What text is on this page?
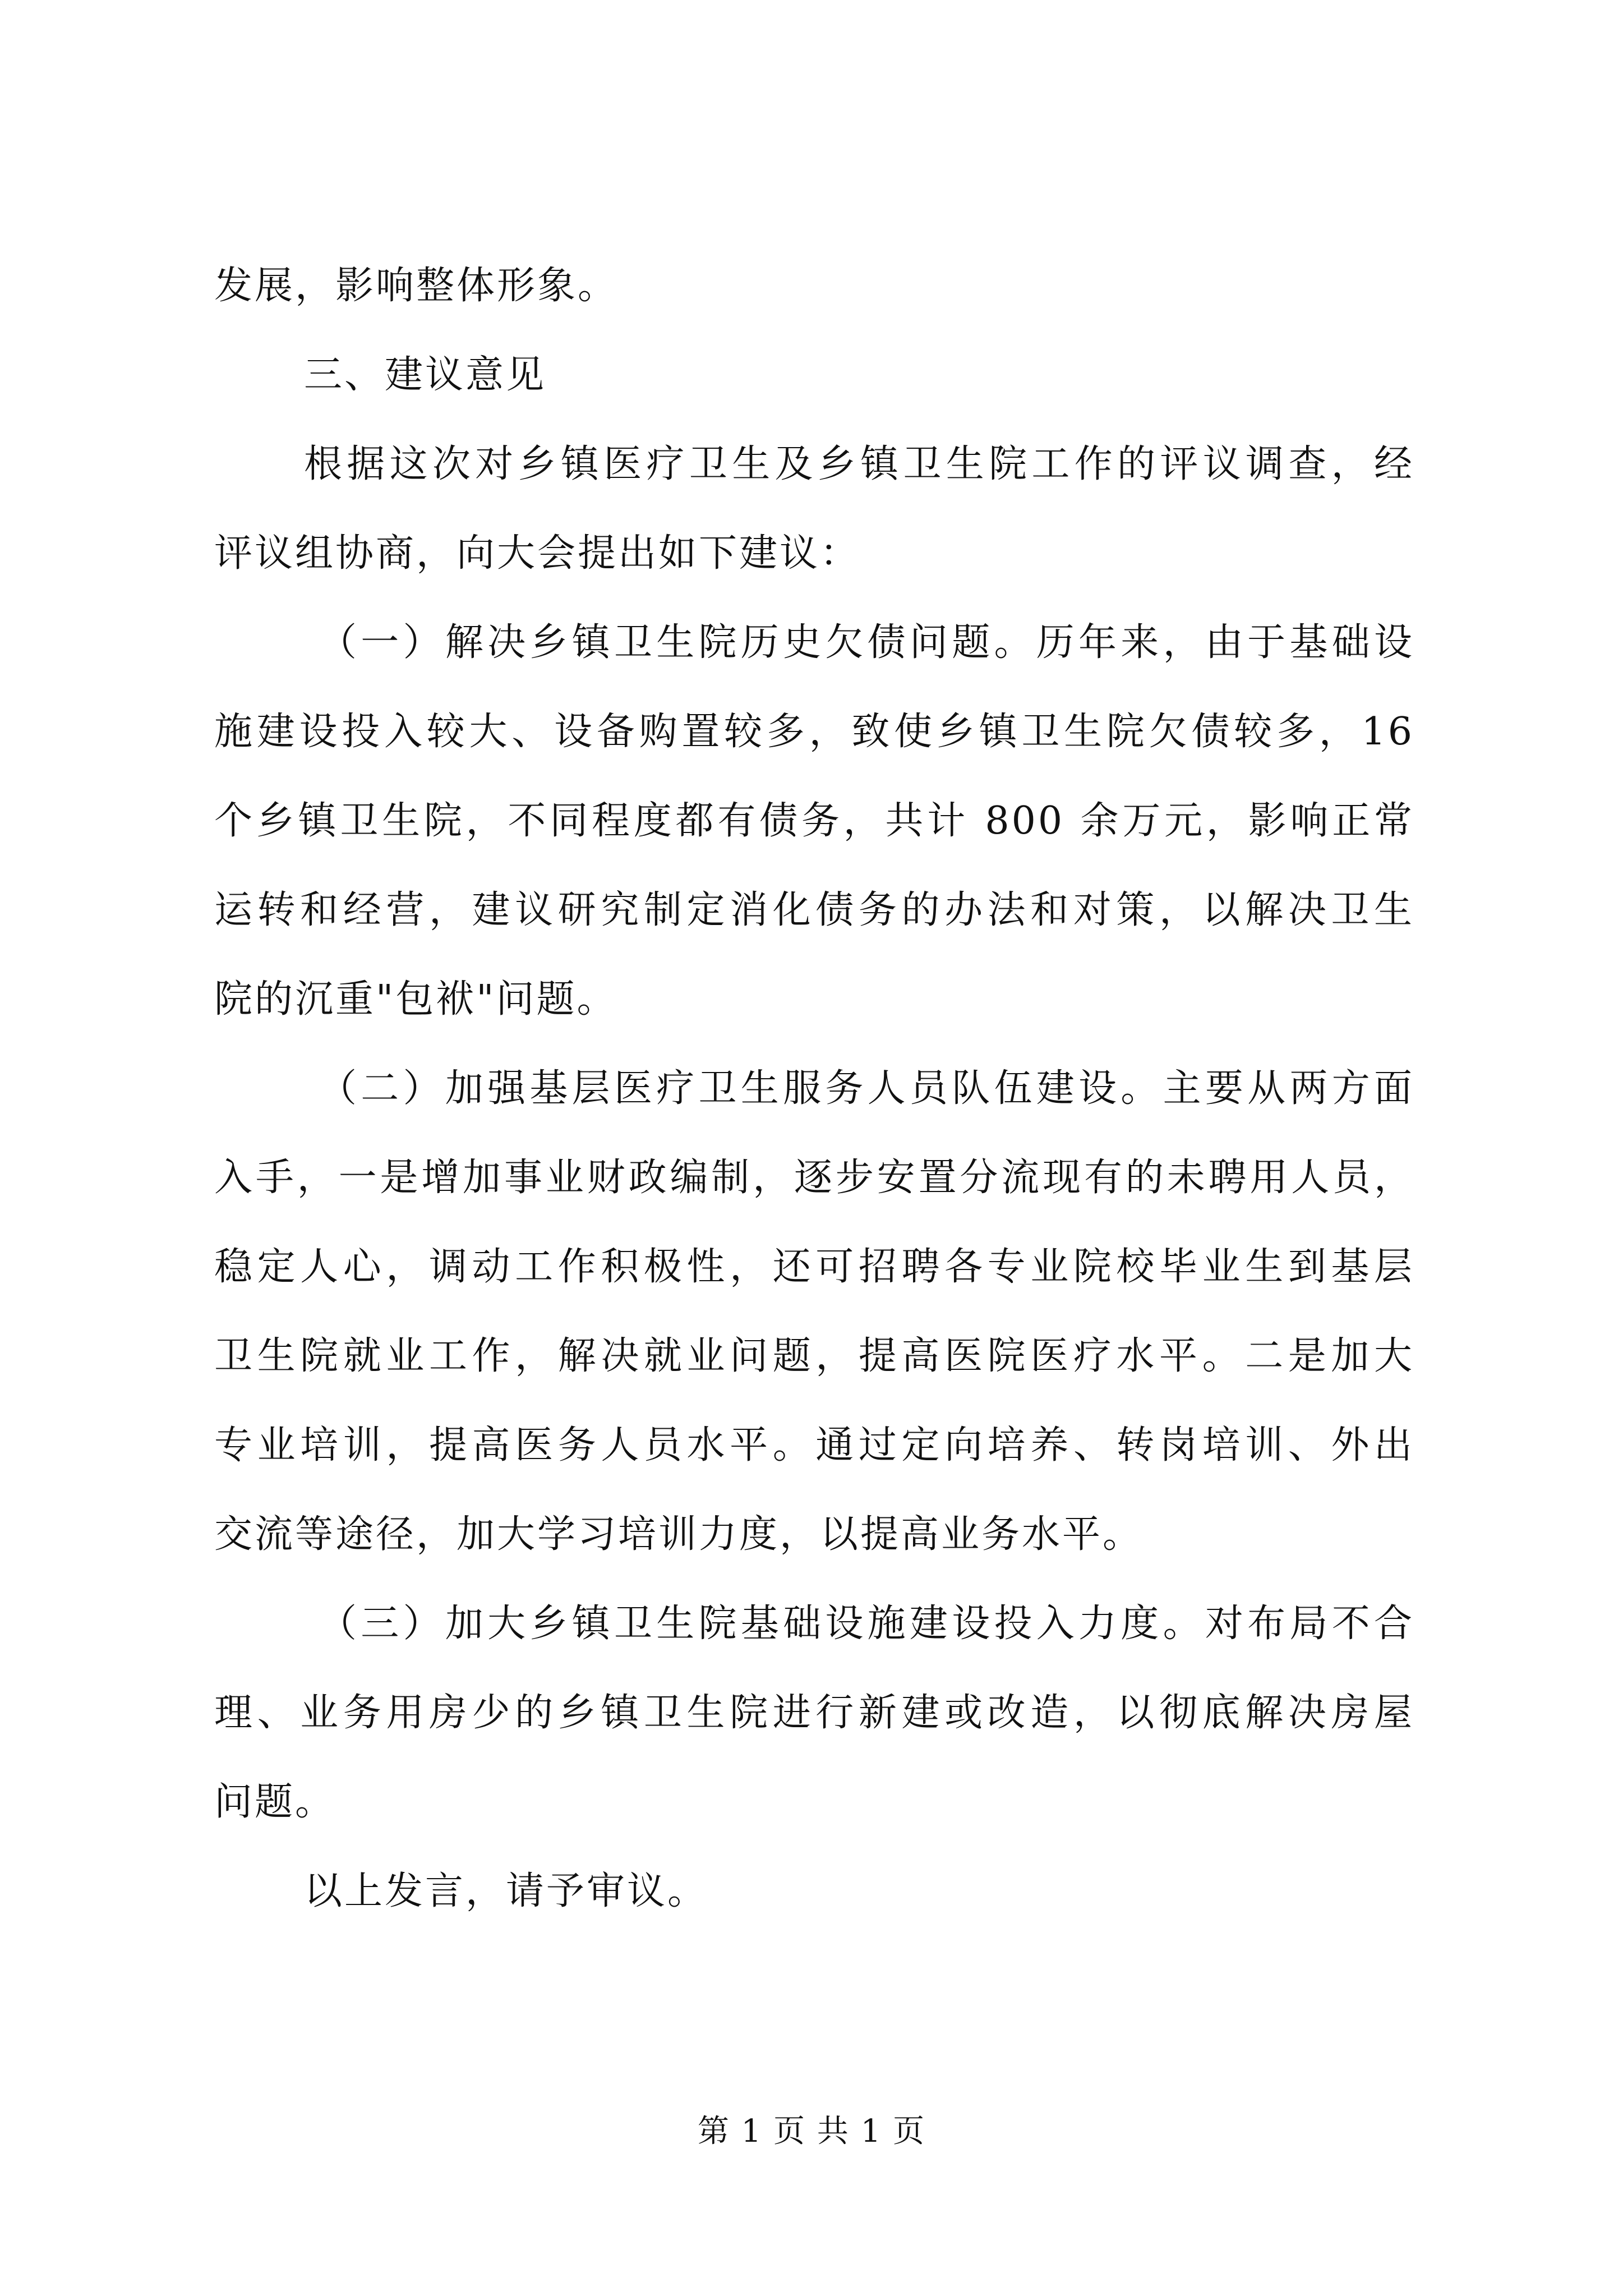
发展，影响整体形象。
三、建议意见
根据这次对乡镇医疗卫生及乡镇卫生院工作的评议调查，经
评议组协商，向大会提出如下建议：
（一）解决乡镇卫生院历史欠债问题。历年来，由于基础设
施建设投入较大、设备购置较多，致使乡镇卫生院欠债较多，16
个乡镇卫生院，不同程度都有债务，共计 800 余万元，影响正常
运转和经营，建议研究制定消化债务的办法和对策，以解决卫生
院的沉重"包袱"问题。
（二）加强基层医疗卫生服务人员队伍建设。主要从两方面
入手，一是增加事业财政编制，逐步安置分流现有的未聘用人员，
稳定人心，调动工作积极性，还可招聘各专业院校毕业生到基层
卫生院就业工作，解决就业问题，提高医院医疗水平。二是加大
专业培训，提高医务人员水平。通过定向培养、转岗培训、外出
交流等途径，加大学习培训力度，以提高业务水平。
（三）加大乡镇卫生院基础设施建设投入力度。对布局不合
理、业务用房少的乡镇卫生院进行新建或改造，以彻底解决房屋
问题。
以上发言，请予审议。
第 1 页 共 1 页
